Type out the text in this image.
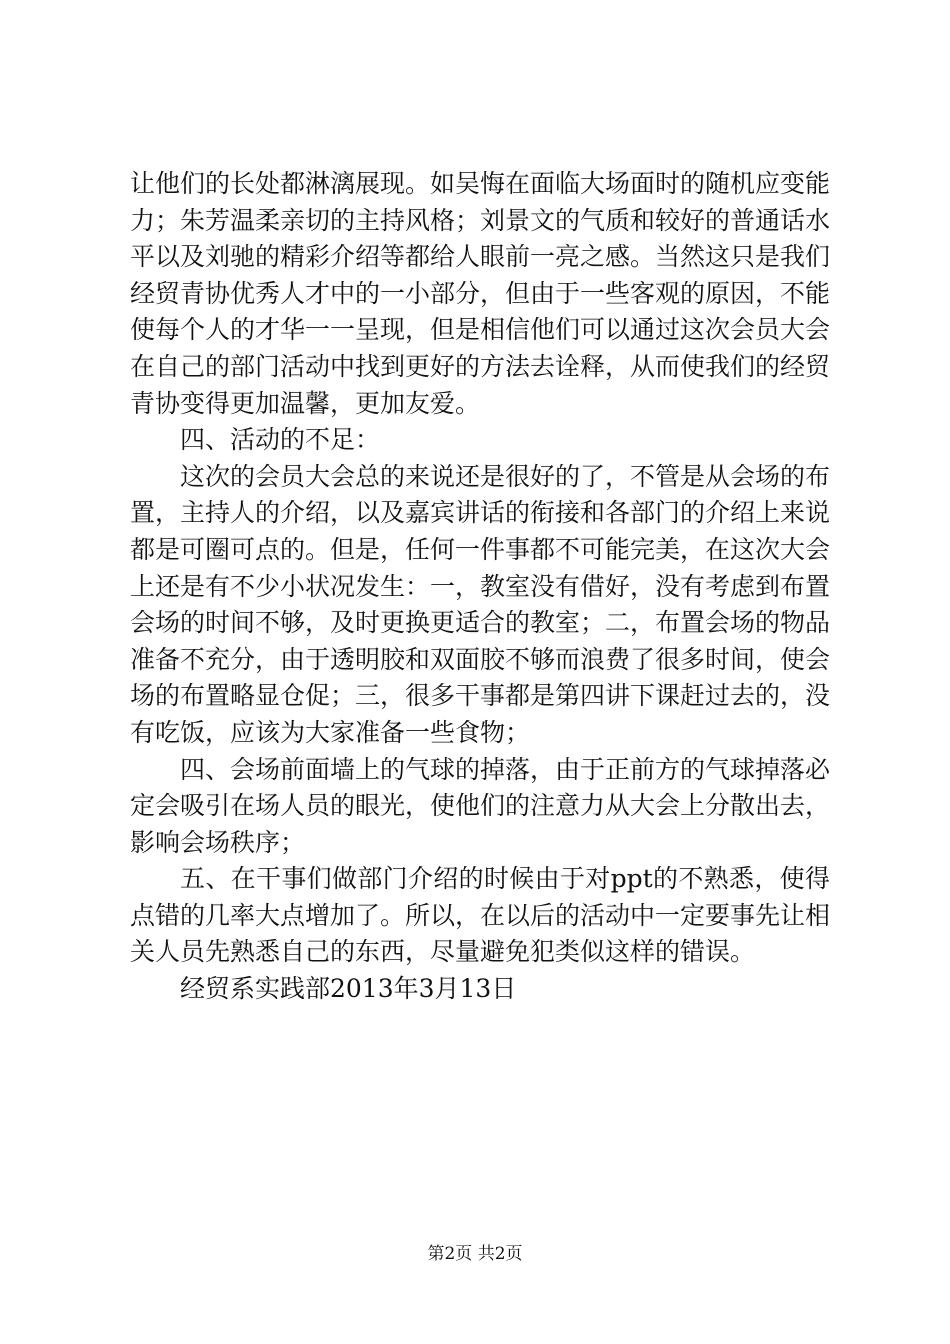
让他们的长处都淋漓展现。如吴悔在面临大场面时的随机应变能力；朱芳温柔亲切的主持风格；刘景文的气质和较好的普通话水平以及刘驰的精彩介绍等都给人眼前一亮之感。当然这只是我们经贸青协优秀人才中的一小部分，但由于一些客观的原因，不能使每个人的才华一一呈现，但是相信他们可以通过这次会员大会在自己的部门活动中找到更好的方法去诠释，从而使我们的经贸青协变得更加温馨，更加友爱。

四、活动的不足：

这次的会员大会总的来说还是很好的了，不管是从会场的布置，主持人的介绍，以及嘉宾讲话的衔接和各部门的介绍上来说都是可圈可点的。但是，任何一件事都不可能完美，在这次大会上还是有不少小状况发生：一，教室没有借好，没有考虑到布置会场的时间不够，及时更换更适合的教室；二，布置会场的物品准备不充分，由于透明胶和双面胶不够而浪费了很多时间，使会场的布置略显仓促；三，很多干事都是第四讲下课赶过去的，没有吃饭，应该为大家准备一些食物；

四、会场前面墙上的气球的掉落，由于正前方的气球掉落必定会吸引在场人员的眼光，使他们的注意力从大会上分散出去，影响会场秩序；

五、在干事们做部门介绍的时候由于对ppt的不熟悉，使得点错的几率大点增加了。所以，在以后的活动中一定要事先让相关人员先熟悉自己的东西，尽量避免犯类似这样的错误。

经贸系实践部2013年3月13日

第2页 共2页
